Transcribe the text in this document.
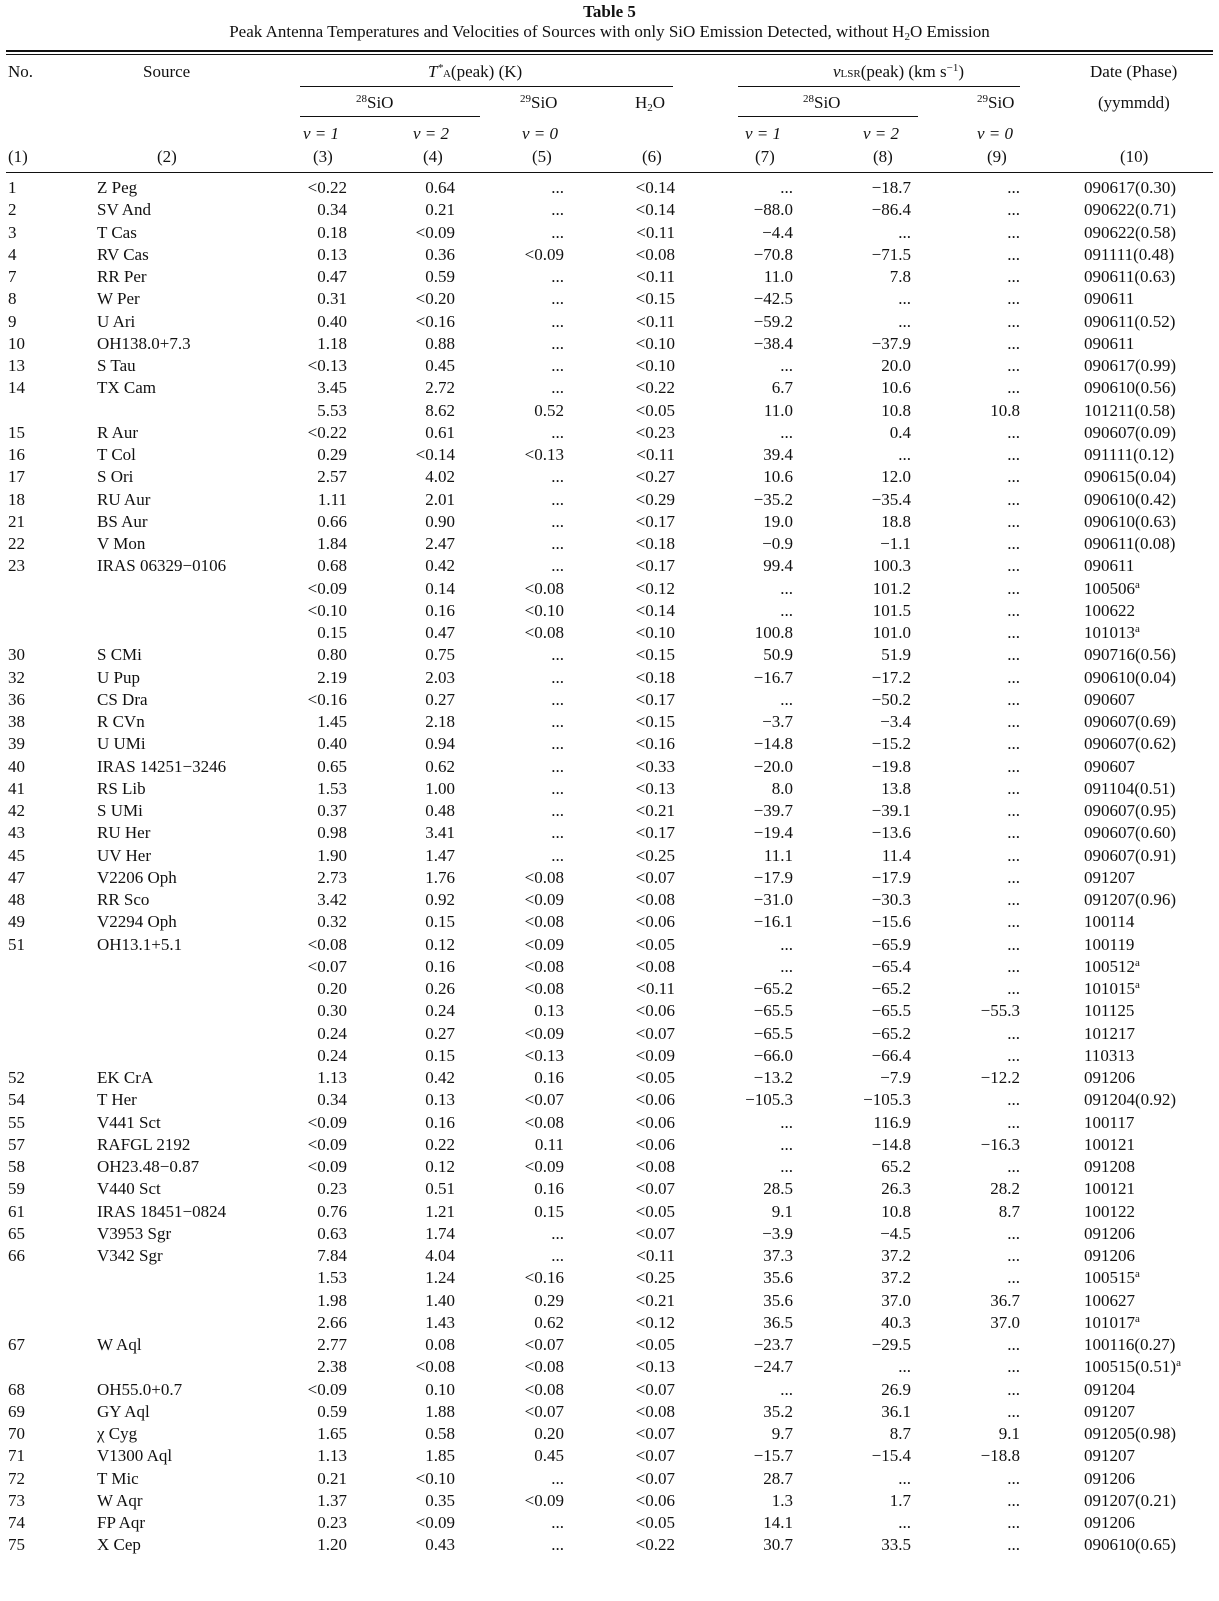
Table 5
Peak Antenna Temperatures and Velocities of Sources with only SiO Emission Detected, without $H_2O$ Emission
No.	Source	T*A(peak) (K)	vLSR(peak) (km $s^{-1}$)	Date (Phase)
$^{28}$SiO	$^{29}$SiO	$H_2O$	$^{28}$SiO	$^{29}$SiO	(yymmdd)
v = 1	v = 2	v = 0	v = 1	v = 2	v = 0
(1)	(2)	(3)	(4)	(5)	(6)	(7)	(8)	(9)	(10)
1	Z Peg	<0.22	0.64	...	<0.14	...	−18.7	...	090617(0.30)
2	SV And	0.34	0.21	...	<0.14	−88.0	−86.4	...	090622(0.71)
3	T Cas	0.18	<0.09	...	<0.11	−4.4	...	...	090622(0.58)
4	RV Cas	0.13	0.36	<0.09	<0.08	−70.8	−71.5	...	091111(0.48)
7	RR Per	0.47	0.59	...	<0.11	11.0	7.8	...	090611(0.63)
8	W Per	0.31	<0.20	...	<0.15	−42.5	...	...	090611
9	U Ari	0.40	<0.16	...	<0.11	−59.2	...	...	090611(0.52)
10	OH138.0+7.3	1.18	0.88	...	<0.10	−38.4	−37.9	...	090611
13	S Tau	<0.13	0.45	...	<0.10	...	20.0	...	090617(0.99)
14	TX Cam	3.45	2.72	...	<0.22	6.7	10.6	...	090610(0.56)
5.53	8.62	0.52	<0.05	11.0	10.8	10.8	101211(0.58)
15	R Aur	<0.22	0.61	...	<0.23	...	0.4	...	090607(0.09)
16	T Col	0.29	<0.14	<0.13	<0.11	39.4	...	...	091111(0.12)
17	S Ori	2.57	4.02	...	<0.27	10.6	12.0	...	090615(0.04)
18	RU Aur	1.11	2.01	...	<0.29	−35.2	−35.4	...	090610(0.42)
21	BS Aur	0.66	0.90	...	<0.17	19.0	18.8	...	090610(0.63)
22	V Mon	1.84	2.47	...	<0.18	−0.9	−1.1	...	090611(0.08)
23	IRAS 06329−0106	0.68	0.42	...	<0.17	99.4	100.3	...	090611
<0.09	0.14	<0.08	<0.12	...	101.2	...	$100506^a$
<0.10	0.16	<0.10	<0.14	...	101.5	...	100622
0.15	0.47	<0.08	<0.10	100.8	101.0	...	101013$^a$
30	S CMi	0.80	0.75	...	<0.15	50.9	51.9	...	090716(0.56)
32	U Pup	2.19	2.03	...	<0.18	−16.7	−17.2	...	090610(0.04)
36	CS Dra	<0.16	0.27	...	<0.17	...	−50.2	...	090607
38	R CVn	1.45	2.18	...	<0.15	−3.7	−3.4	...	090607(0.69)
39	U UMi	0.40	0.94	...	<0.16	−14.8	−15.2	...	090607(0.62)
40	IRAS 14251−3246	0.65	0.62	...	<0.33	−20.0	−19.8	...	090607
41	RS Lib	1.53	1.00	...	<0.13	8.0	13.8	...	091104(0.51)
42	S UMi	0.37	0.48	...	<0.21	−39.7	−39.1	...	090607(0.95)
43	RU Her	0.98	3.41	...	<0.17	−19.4	−13.6	...	090607(0.60)
45	UV Her	1.90	1.47	...	<0.25	11.1	11.4	...	090607(0.91)
47	V2206 Oph	2.73	1.76	<0.08	<0.07	−17.9	−17.9	...	091207
48	RR Sco	3.42	0.92	<0.09	<0.08	−31.0	−30.3	...	091207(0.96)
49	V2294 Oph	0.32	0.15	<0.08	<0.06	−16.1	−15.6	...	100114
51	OH13.1+5.1	<0.08	0.12	<0.09	<0.05	...	−65.9	...	100119
<0.07	0.16	<0.08	<0.08	...	−65.4	...	100512$^a$
0.20	0.26	<0.08	<0.11	−65.2	−65.2	...	101015$^a$
0.30	0.24	0.13	<0.06	−65.5	−65.5	−55.3	101125
0.24	0.27	<0.09	<0.07	−65.5	−65.2	...	101217
0.24	0.15	<0.13	<0.09	−66.0	−66.4	...	110313
52	EK CrA	1.13	0.42	0.16	<0.05	−13.2	−7.9	−12.2	091206
54	T Her	0.34	0.13	<0.07	<0.06	−105.3	−105.3	...	091204(0.92)
55	V441 Sct	<0.09	0.16	<0.08	<0.06	...	116.9	...	100117
57	RAFGL 2192	<0.09	0.22	0.11	<0.06	...	−14.8	−16.3	100121
58	OH23.48−0.87	<0.09	0.12	<0.09	<0.08	...	65.2	...	091208
59	V440 Sct	0.23	0.51	0.16	<0.07	28.5	26.3	28.2	100121
61	IRAS 18451−0824	0.76	1.21	0.15	<0.05	9.1	10.8	8.7	100122
65	V3953 Sgr	0.63	1.74	...	<0.07	−3.9	−4.5	...	091206
66	V342 Sgr	7.84	4.04	...	<0.11	37.3	37.2	...	091206
1.53	1.24	<0.16	<0.25	35.6	37.2	...	100515$^a$
1.98	1.40	0.29	<0.21	35.6	37.0	36.7	100627
2.66	1.43	0.62	<0.12	36.5	40.3	37.0	101017$^a$
67	W Aql	2.77	0.08	<0.07	<0.05	−23.7	−29.5	...	100116(0.27)
2.38	<0.08	<0.08	<0.13	−24.7	...	...	$100515(0.51)^a$
68	OH55.0+0.7	<0.09	0.10	<0.08	<0.07	...	26.9	...	091204
69	GY Aql	0.59	1.88	<0.07	<0.08	35.2	36.1	...	091207
70	χ Cyg	1.65	0.58	0.20	<0.07	9.7	8.7	9.1	091205(0.98)
71	V1300 Aql	1.13	1.85	0.45	<0.07	−15.7	−15.4	−18.8	091207
72	T Mic	0.21	<0.10	...	<0.07	28.7	...	...	091206
73	W Aqr	1.37	0.35	<0.09	<0.06	1.3	1.7	...	091207(0.21)
74	FP Aqr	0.23	<0.09	...	<0.05	14.1	...	...	091206
75	X Cep	1.20	0.43	...	<0.22	30.7	33.5	...	090610(0.65)
